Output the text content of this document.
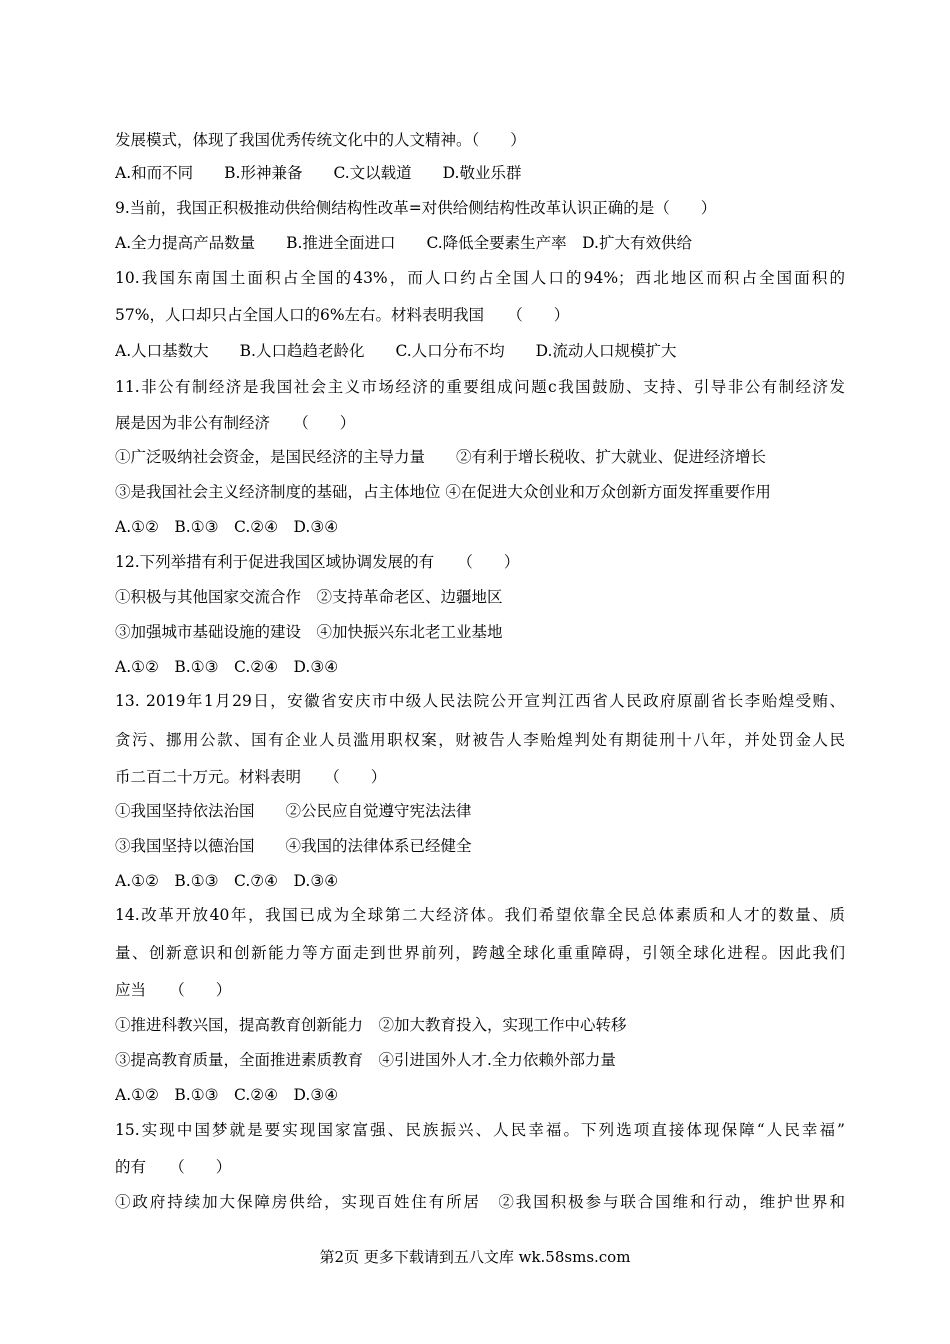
发展模式，体现了我国优秀传统文化中的人文精神。（　　）
A.和而不同　　B.形神兼备　　C.文以载道　　D.敬业乐群
9.当前，我国正积极推动供给侧结构性改革=对供给侧结构性改革认识正确的是（　　）
A.全力提高产品数量　　B.推进全面进口　　C.降低全要素生产率　D.扩大有效供给
10.我国东南国土面积占全国的43%，而人口约占全国人口的94%；西北地区而积占全国面积的
57%，人口却只占全国人口的6%左右。材料表明我国　　（　　）
A.人口基数大　　B.人口趋趋老龄化　　C.人口分布不均　　D.流动人口规模扩大
11.非公有制经济是我国社会主义市场经济的重要组成问题c我国鼓励、支持、引导非公有制经济发
展是因为非公有制经济　　（　　）
①广泛吸纳社会资金，是国民经济的主导力量　　②有利于增长税收、扩大就业、促进经济增长
③是我国社会主义经济制度的基础，占主体地位 ④在促进大众创业和万众创新方面发挥重要作用
A.①②　B.①③　C.②④　D.③④
12.下列举措有利于促进我国区域协调发展的有　　（　　）
①积极与其他国家交流合作　②支持革命老区、边疆地区
③加强城市基础设施的建设　④加快振兴东北老工业基地
A.①②　B.①③　C.②④　D.③④
13. 2019年1月29日，安徽省安庆市中级人民法院公开宣判江西省人民政府原副省长李贻煌受贿、
贪污、挪用公款、国有企业人员滥用职权案，财被告人李贻煌判处有期徒刑十八年，并处罚金人民
币二百二十万元。材料表明　　（　　）
①我国坚持依法治国　　②公民应自觉遵守宪法法律
③我国坚持以德治国　　④我国的法律体系已经健全
A.①②　B.①③　C.⑦④　D.③④
14.改革开放40年，我国已成为全球第二大经济体。我们希望依靠全民总体素质和人才的数量、质
量、创新意识和创新能力等方面走到世界前列，跨越全球化重重障碍，引领全球化进程。因此我们
应当　　（　　）
①推进科教兴国，提高教育创新能力　②加大教育投入，实现工作中心转移
③提高教育质量，全面推进素质教育　④引进国外人才.全力依赖外部力量
A.①②　B.①③　C.②④　D.③④
15.实现中国梦就是要实现国家富强、民族振兴、人民幸福。下列选项直接体现保障“人民幸福”
的有　　（　　）
①政府持续加大保障房供给，实现百姓住有所居　②我国积极参与联合国维和行动，维护世界和
第2页 更多下载请到五八文库 wk.58sms.com
